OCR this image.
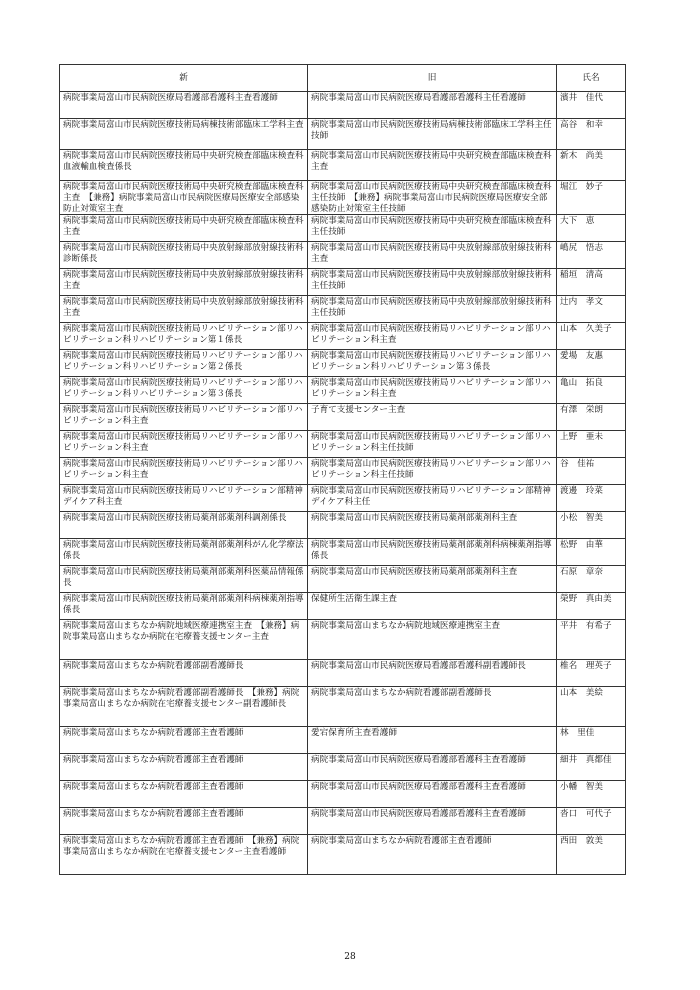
新	旧	氏名
病院事業局富山市民病院医療局看護部看護科主査看護師	病院事業局富山市民病院医療局看護部看護科主任看護師	濱井　佳代
病院事業局富山市民病院医療技術局病棟技術部臨床工学科主査	病院事業局富山市民病院医療技術局病棟技術部臨床工学科主任技師	高谷　和幸
病院事業局富山市民病院医療技術局中央研究検査部臨床検査科血液輸血検査係長	病院事業局富山市民病院医療技術局中央研究検査部臨床検査科主査	新木　尚美
病院事業局富山市民病院医療技術局中央研究検査部臨床検査科主査　【兼務】病院事業局富山市民病院医療局医療安全部感染防止対策室主査	病院事業局富山市民病院医療技術局中央研究検査部臨床検査科主任技師　【兼務】病院事業局富山市民病院医療局医療安全部感染防止対策室主任技師	堀江　妙子
病院事業局富山市民病院医療技術局中央研究検査部臨床検査科主査	病院事業局富山市民病院医療技術局中央研究検査部臨床検査科主任技師	大下　恵
病院事業局富山市民病院医療技術局中央放射線部放射線技術科診断係長	病院事業局富山市民病院医療技術局中央放射線部放射線技術科主査	嶋尻　悟志
病院事業局富山市民病院医療技術局中央放射線部放射線技術科主査	病院事業局富山市民病院医療技術局中央放射線部放射線技術科主任技師	稲垣　清高
病院事業局富山市民病院医療技術局中央放射線部放射線技術科主査	病院事業局富山市民病院医療技術局中央放射線部放射線技術科主任技師	辻内　孝文
病院事業局富山市民病院医療技術局リハビリテーション部リハビリテーション科リハビリテーション第１係長	病院事業局富山市民病院医療技術局リハビリテーション部リハビリテーション科主査	山本　久美子
病院事業局富山市民病院医療技術局リハビリテーション部リハビリテーション科リハビリテーション第２係長	病院事業局富山市民病院医療技術局リハビリテーション部リハビリテーション科リハビリテーション第３係長	愛場　友惠
病院事業局富山市民病院医療技術局リハビリテーション部リハビリテーション科リハビリテーション第３係長	病院事業局富山市民病院医療技術局リハビリテーション部リハビリテーション科主査	亀山　拓良
病院事業局富山市民病院医療技術局リハビリテーション部リハビリテーション科主査	子育て支援センター主査	有澤　栄朗
病院事業局富山市民病院医療技術局リハビリテーション部リハビリテーション科主査	病院事業局富山市民病院医療技術局リハビリテーション部リハビリテーション科主任技師	上野　亜未
病院事業局富山市民病院医療技術局リハビリテーション部リハビリテーション科主査	病院事業局富山市民病院医療技術局リハビリテーション部リハビリテーション科主任技師	谷　佳祐
病院事業局富山市民病院医療技術局リハビリテーション部精神デイケア科主査	病院事業局富山市民病院医療技術局リハビリテーション部精神デイケア科主任	渡邊　玲菜
病院事業局富山市民病院医療技術局薬剤部薬剤科調剤係長	病院事業局富山市民病院医療技術局薬剤部薬剤科主査	小松　智美
病院事業局富山市民病院医療技術局薬剤部薬剤科がん化学療法係長	病院事業局富山市民病院医療技術局薬剤部薬剤科病棟薬剤指導係長	松野　由華
病院事業局富山市民病院医療技術局薬剤部薬剤科医薬品情報係長	病院事業局富山市民病院医療技術局薬剤部薬剤科主査	石原　章奈
病院事業局富山市民病院医療技術局薬剤部薬剤科病棟薬剤指導係長	保健所生活衛生課主査	榮野　真由美
病院事業局富山まちなか病院地域医療連携室主査　【兼務】病院事業局富山まちなか病院在宅療養支援センター主査	病院事業局富山まちなか病院地域医療連携室主査	平井　有希子
病院事業局富山まちなか病院看護部副看護師長	病院事業局富山市民病院医療局看護部看護科副看護師長	椎名　理英子
病院事業局富山まちなか病院看護部副看護師長　【兼務】病院事業局富山まちなか病院在宅療養支援センター副看護師長	病院事業局富山まちなか病院看護部副看護師長	山本　美絵
病院事業局富山まちなか病院看護部主査看護師	愛宕保育所主査看護師	林　里佳
病院事業局富山まちなか病院看護部主査看護師	病院事業局富山市民病院医療局看護部看護科主査看護師	細井　真都佳
病院事業局富山まちなか病院看護部主査看護師	病院事業局富山市民病院医療局看護部看護科主査看護師	小幡　智美
病院事業局富山まちなか病院看護部主査看護師	病院事業局富山市民病院医療局看護部看護科主査看護師	沓口　可代子
病院事業局富山まちなか病院看護部主査看護師　【兼務】病院事業局富山まちなか病院在宅療養支援センター主査看護師	病院事業局富山まちなか病院看護部主査看護師	西田　敦美
28
